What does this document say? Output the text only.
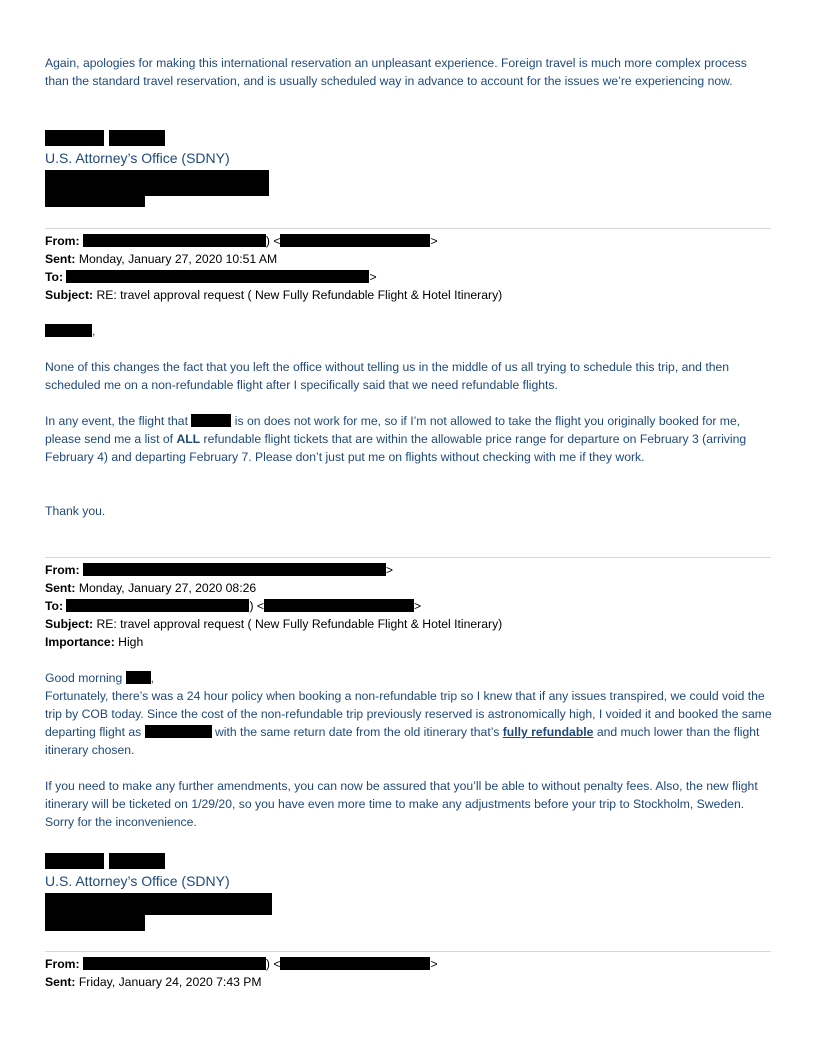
Again, apologies for making this international reservation an unpleasant experience. Foreign travel is much more complex process than the standard travel reservation, and is usually scheduled way in advance to account for the issues we’re experiencing now.

U.S. Attorney’s Office (SDNY)
From:	) <	>
Sent: Monday, January 27, 2020 10:51 AM
To:	>
Subject: RE: travel approval request ( New Fully Refundable Flight & Hotel Itinerary)
,

None of this changes the fact that you left the office without telling us in the middle of us all trying to schedule this trip, and then scheduled me on a non-refundable flight after I specifically said that we need refundable flights.

In any event, the flight that	is on does not work for me, so if I’m not allowed to take the flight you originally booked for me, please send me a list of ALL refundable flight tickets that are within the allowable price range for departure on February 3 (arriving February 4) and departing February 7. Please don’t just put me on flights without checking with me if they work.

Thank you.
From:	>
Sent: Monday, January 27, 2020 08:26
To:	) <	>
Subject: RE: travel approval request ( New Fully Refundable Flight & Hotel Itinerary)
Importance: High
Good morning ,

Fortunately, there’s was a 24 hour policy when booking a non-refundable trip so I knew that if any issues transpired, we could void the trip by COB today. Since the cost of the non-refundable trip previously reserved is astronomically high, I voided it and booked the same departing flight as	with the same return date from the old itinerary that’s fully refundable and much lower than the flight itinerary chosen.

If you need to make any further amendments, you can now be assured that you’ll be able to without penalty fees. Also, the new flight itinerary will be ticketed on 1/29/20, so you have even more time to make any adjustments before your trip to Stockholm, Sweden. Sorry for the inconvenience.

U.S. Attorney’s Office (SDNY)
From:	) <	>
Sent: Friday, January 24, 2020 7:43 PM
